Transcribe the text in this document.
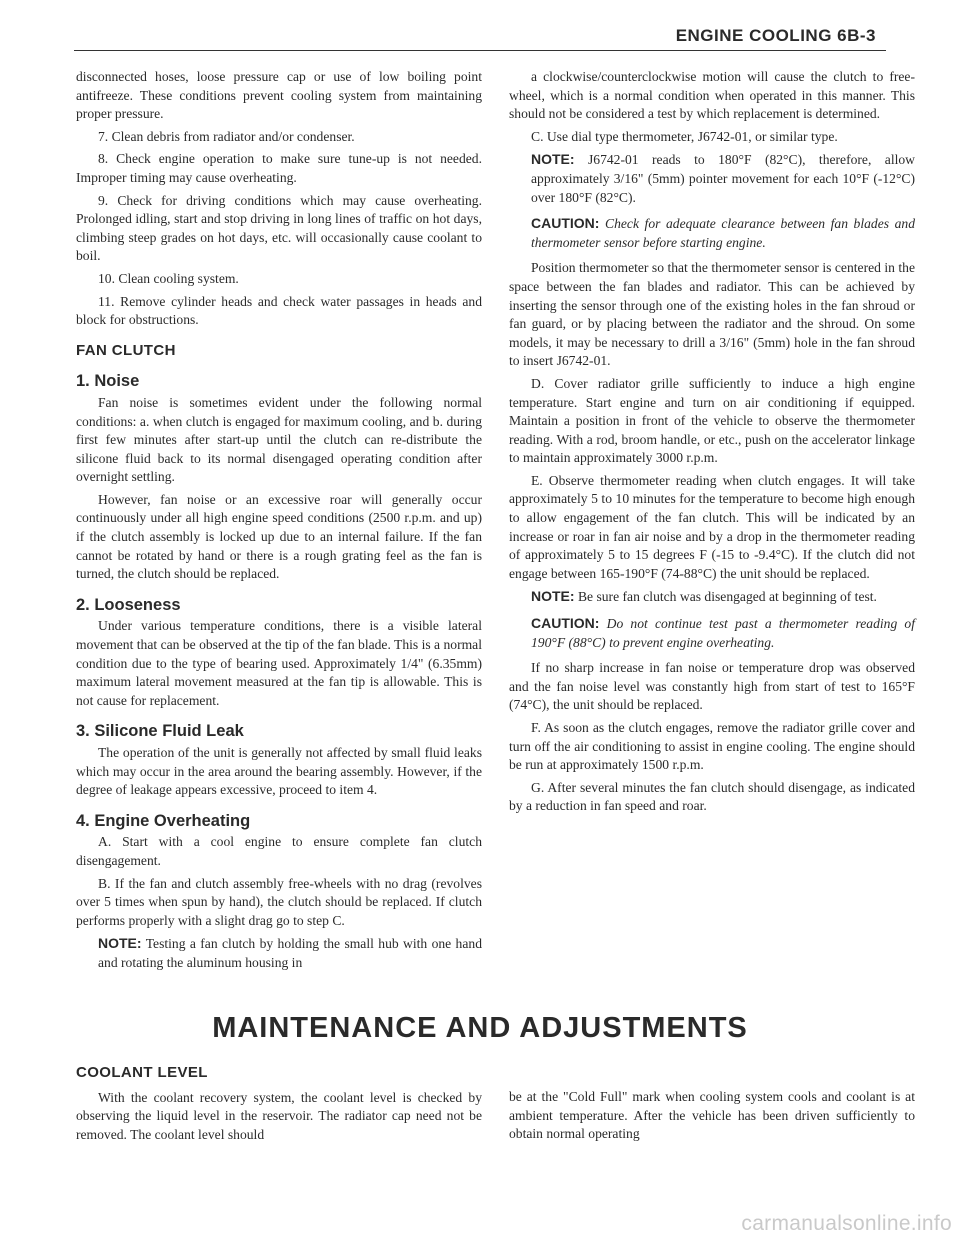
ENGINE COOLING 6B-3

disconnected hoses, loose pressure cap or use of low boiling point antifreeze. These conditions prevent cooling system from maintaining proper pressure.

7. Clean debris from radiator and/or condenser.

8. Check engine operation to make sure tune-up is not needed. Improper timing may cause overheating.

9. Check for driving conditions which may cause overheating. Prolonged idling, start and stop driving in long lines of traffic on hot days, climbing steep grades on hot days, etc. will occasionally cause coolant to boil.

10. Clean cooling system.

11. Remove cylinder heads and check water passages in heads and block for obstructions.

FAN CLUTCH
1. Noise

Fan noise is sometimes evident under the following normal conditions: a. when clutch is engaged for maximum cooling, and b. during first few minutes after start-up until the clutch can re-distribute the silicone fluid back to its normal disengaged operating condition after overnight settling.

However, fan noise or an excessive roar will generally occur continuously under all high engine speed conditions (2500 r.p.m. and up) if the clutch assembly is locked up due to an internal failure. If the fan cannot be rotated by hand or there is a rough grating feel as the fan is turned, the clutch should be replaced.

2. Looseness

Under various temperature conditions, there is a visible lateral movement that can be observed at the tip of the fan blade. This is a normal condition due to the type of bearing used. Approximately 1/4" (6.35mm) maximum lateral movement measured at the fan tip is allowable. This is not cause for replacement.

3. Silicone Fluid Leak

The operation of the unit is generally not affected by small fluid leaks which may occur in the area around the bearing assembly. However, if the degree of leakage appears excessive, proceed to item 4.

4. Engine Overheating

A. Start with a cool engine to ensure complete fan clutch disengagement.

B. If the fan and clutch assembly free-wheels with no drag (revolves over 5 times when spun by hand), the clutch should be replaced. If clutch performs properly with a slight drag go to step C.

NOTE: Testing a fan clutch by holding the small hub with one hand and rotating the aluminum housing in

a clockwise/counterclockwise motion will cause the clutch to free-wheel, which is a normal condition when operated in this manner. This should not be considered a test by which replacement is determined.

C. Use dial type thermometer, J6742-01, or similar type.

NOTE: J6742-01 reads to 180°F (82°C), therefore, allow approximately 3/16" (5mm) pointer movement for each 10°F (-12°C) over 180°F (82°C).
CAUTION: Check for adequate clearance between fan blades and thermometer sensor before starting engine.

Position thermometer so that the thermometer sensor is centered in the space between the fan blades and radiator. This can be achieved by inserting the sensor through one of the existing holes in the fan shroud or fan guard, or by placing between the radiator and the shroud. On some models, it may be necessary to drill a 3/16" (5mm) hole in the fan shroud to insert J6742-01.

D. Cover radiator grille sufficiently to induce a high engine temperature. Start engine and turn on air conditioning if equipped. Maintain a position in front of the vehicle to observe the thermometer reading. With a rod, broom handle, or etc., push on the accelerator linkage to maintain approximately 3000 r.p.m.

E. Observe thermometer reading when clutch engages. It will take approximately 5 to 10 minutes for the temperature to become high enough to allow engagement of the fan clutch. This will be indicated by an increase or roar in fan air noise and by a drop in the thermometer reading of approximately 5 to 15 degrees F (-15 to -9.4°C). If the clutch did not engage between 165-190°F (74-88°C) the unit should be replaced.

NOTE: Be sure fan clutch was disengaged at beginning of test.
CAUTION: Do not continue test past a thermometer reading of 190°F (88°C) to prevent engine overheating.

If no sharp increase in fan noise or temperature drop was observed and the fan noise level was constantly high from start of test to 165°F (74°C), the unit should be replaced.

F. As soon as the clutch engages, remove the radiator grille cover and turn off the air conditioning to assist in engine cooling. The engine should be run at approximately 1500 r.p.m.

G. After several minutes the fan clutch should disengage, as indicated by a reduction in fan speed and roar.

MAINTENANCE AND ADJUSTMENTS
COOLANT LEVEL

With the coolant recovery system, the coolant level is checked by observing the liquid level in the reservoir. The radiator cap need not be removed. The coolant level should

be at the "Cold Full" mark when cooling system cools and coolant is at ambient temperature. After the vehicle has been driven sufficiently to obtain normal operating

carmanualsonline.info
